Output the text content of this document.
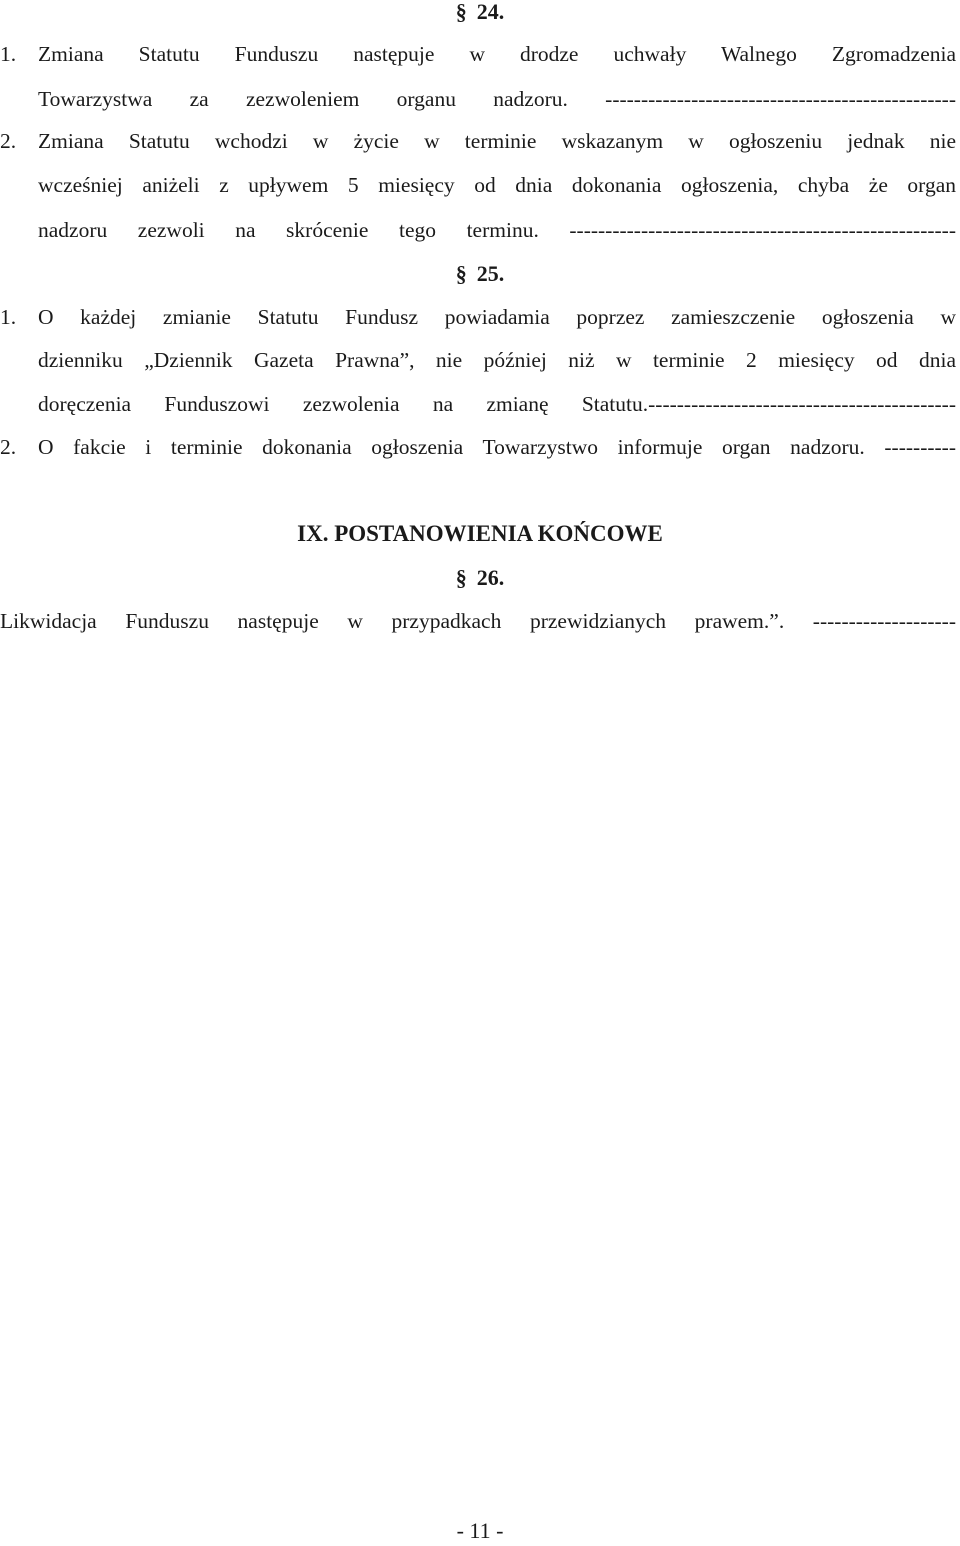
§ 24.
1. Zmiana Statutu Funduszu następuje w drodze uchwały Walnego Zgromadzenia
Towarzystwa za zezwoleniem organu nadzoru. -------------------------------------------------
2. Zmiana Statutu wchodzi w życie w terminie wskazanym w ogłoszeniu jednak nie
wcześniej aniżeli z upływem 5 miesięcy od dnia dokonania ogłoszenia, chyba że organ
nadzoru zezwoli na skrócenie tego terminu. ------------------------------------------------------
§ 25.
1. O każdej zmianie Statutu Fundusz powiadamia poprzez zamieszczenie ogłoszenia w
dzienniku „Dziennik Gazeta Prawna”, nie później niż w terminie 2 miesięcy od dnia
doręczenia Funduszowi zezwolenia na zmianę Statutu.-------------------------------------------
2. O fakcie i terminie dokonania ogłoszenia Towarzystwo informuje organ nadzoru. ----------
IX. POSTANOWIENIA KOŃCOWE
§ 26.
Likwidacja Funduszu następuje w przypadkach przewidzianych prawem.”. --------------------
- 11 -
